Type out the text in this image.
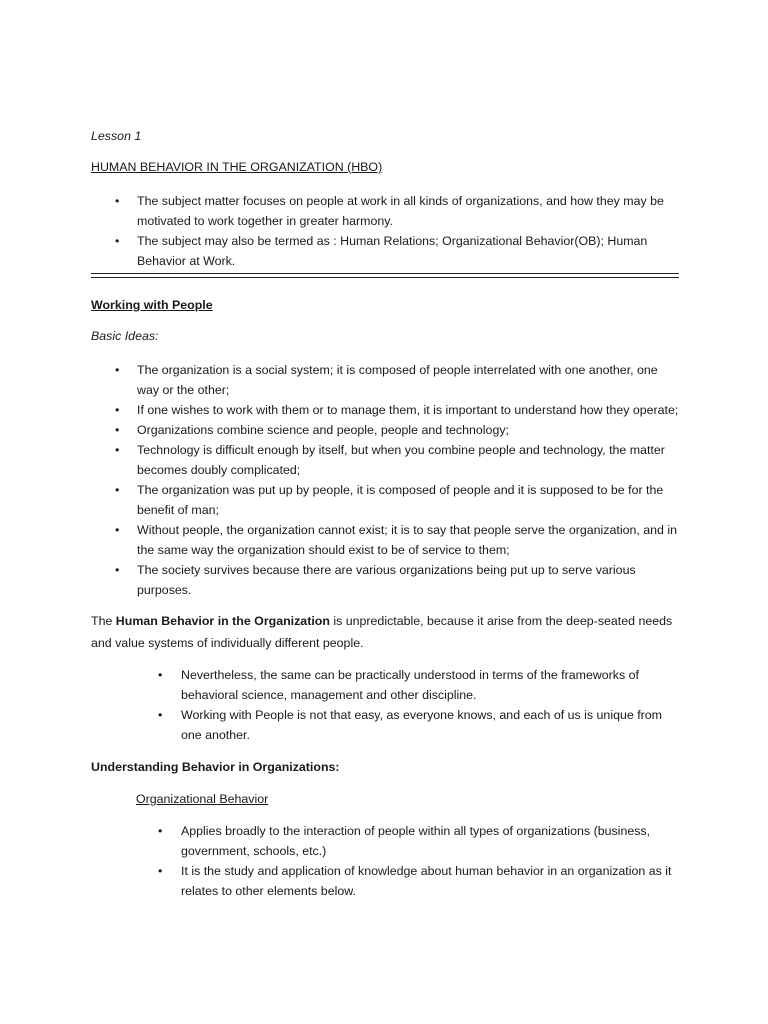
Lesson 1

HUMAN BEHAVIOR IN THE ORGANIZATION (HBO)

• The subject matter focuses on people at work in all kinds of organizations, and how they may be motivated to work together in greater harmony.
• The subject may also be termed as : Human Relations; Organizational Behavior(OB); Human Behavior at Work.

Working with People

Basic Ideas:

• The organization is a social system; it is composed of people interrelated with one another, one way or the other;
• If one wishes to work with them or to manage them, it is important to understand how they operate;
• Organizations combine science and people, people and technology;
• Technology is difficult enough by itself, but when you combine people and technology, the matter becomes doubly complicated;
• The organization was put up by people, it is composed of people and it is supposed to be for the benefit of man;
• Without people, the organization cannot exist; it is to say that people serve the organization, and in the same way the organization should exist to be of service to them;
• The society survives because there are various organizations being put up to serve various purposes.

The Human Behavior in the Organization is unpredictable, because it arise from the deep-seated needs and value systems of individually different people.

• Nevertheless, the same can be practically understood in terms of the frameworks of behavioral science, management and other discipline.
• Working with People is not that easy, as everyone knows, and each of us is unique from one another.

Understanding Behavior in Organizations:

Organizational Behavior

• Applies broadly to the interaction of people within all types of organizations (business, government, schools, etc.)
• It is the study and application of knowledge about human behavior in an organization as it relates to other elements below.
